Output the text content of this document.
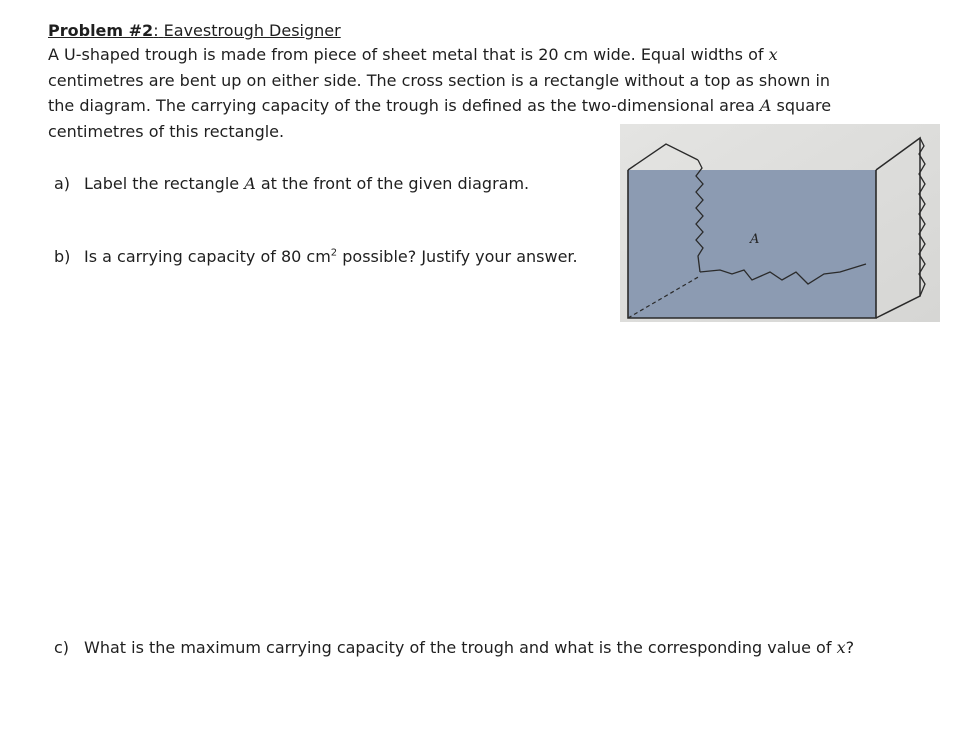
Problem #2: Eavestrough Designer
A U-shaped trough is made from piece of sheet metal that is 20 cm wide. Equal widths of x
centimetres are bent up on either side. The cross section is a rectangle without a top as shown in
the diagram. The carrying capacity of the trough is defined as the two-dimensional area A square
centimetres of this rectangle.
a) Label the rectangle A at the front of the given diagram.
b) Is a carrying capacity of 80 $cm^2$ possible? Justify your answer.
c) What is the maximum carrying capacity of the trough and what is the corresponding value of x?
A
